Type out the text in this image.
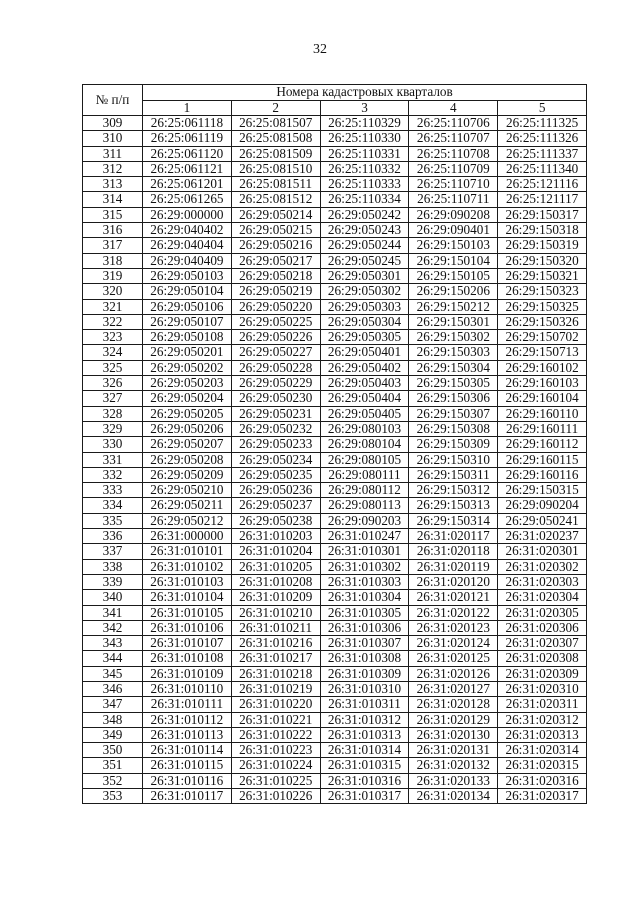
32
№ п/п	Номера кадастровых кварталов				
	1	2	3	4	5
309	26:25:061118	26:25:081507	26:25:110329	26:25:110706	26:25:111325
310	26:25:061119	26:25:081508	26:25:110330	26:25:110707	26:25:111326
311	26:25:061120	26:25:081509	26:25:110331	26:25:110708	26:25:111337
312	26:25:061121	26:25:081510	26:25:110332	26:25:110709	26:25:111340
313	26:25:061201	26:25:081511	26:25:110333	26:25:110710	26:25:121116
314	26:25:061265	26:25:081512	26:25:110334	26:25:110711	26:25:121117
315	26:29:000000	26:29:050214	26:29:050242	26:29:090208	26:29:150317
316	26:29:040402	26:29:050215	26:29:050243	26:29:090401	26:29:150318
317	26:29:040404	26:29:050216	26:29:050244	26:29:150103	26:29:150319
318	26:29:040409	26:29:050217	26:29:050245	26:29:150104	26:29:150320
319	26:29:050103	26:29:050218	26:29:050301	26:29:150105	26:29:150321
320	26:29:050104	26:29:050219	26:29:050302	26:29:150206	26:29:150323
321	26:29:050106	26:29:050220	26:29:050303	26:29:150212	26:29:150325
322	26:29:050107	26:29:050225	26:29:050304	26:29:150301	26:29:150326
323	26:29:050108	26:29:050226	26:29:050305	26:29:150302	26:29:150702
324	26:29:050201	26:29:050227	26:29:050401	26:29:150303	26:29:150713
325	26:29:050202	26:29:050228	26:29:050402	26:29:150304	26:29:160102
326	26:29:050203	26:29:050229	26:29:050403	26:29:150305	26:29:160103
327	26:29:050204	26:29:050230	26:29:050404	26:29:150306	26:29:160104
328	26:29:050205	26:29:050231	26:29:050405	26:29:150307	26:29:160110
329	26:29:050206	26:29:050232	26:29:080103	26:29:150308	26:29:160111
330	26:29:050207	26:29:050233	26:29:080104	26:29:150309	26:29:160112
331	26:29:050208	26:29:050234	26:29:080105	26:29:150310	26:29:160115
332	26:29:050209	26:29:050235	26:29:080111	26:29:150311	26:29:160116
333	26:29:050210	26:29:050236	26:29:080112	26:29:150312	26:29:150315
334	26:29:050211	26:29:050237	26:29:080113	26:29:150313	26:29:090204
335	26:29:050212	26:29:050238	26:29:090203	26:29:150314	26:29:050241
336	26:31:000000	26:31:010203	26:31:010247	26:31:020117	26:31:020237
337	26:31:010101	26:31:010204	26:31:010301	26:31:020118	26:31:020301
338	26:31:010102	26:31:010205	26:31:010302	26:31:020119	26:31:020302
339	26:31:010103	26:31:010208	26:31:010303	26:31:020120	26:31:020303
340	26:31:010104	26:31:010209	26:31:010304	26:31:020121	26:31:020304
341	26:31:010105	26:31:010210	26:31:010305	26:31:020122	26:31:020305
342	26:31:010106	26:31:010211	26:31:010306	26:31:020123	26:31:020306
343	26:31:010107	26:31:010216	26:31:010307	26:31:020124	26:31:020307
344	26:31:010108	26:31:010217	26:31:010308	26:31:020125	26:31:020308
345	26:31:010109	26:31:010218	26:31:010309	26:31:020126	26:31:020309
346	26:31:010110	26:31:010219	26:31:010310	26:31:020127	26:31:020310
347	26:31:010111	26:31:010220	26:31:010311	26:31:020128	26:31:020311
348	26:31:010112	26:31:010221	26:31:010312	26:31:020129	26:31:020312
349	26:31:010113	26:31:010222	26:31:010313	26:31:020130	26:31:020313
350	26:31:010114	26:31:010223	26:31:010314	26:31:020131	26:31:020314
351	26:31:010115	26:31:010224	26:31:010315	26:31:020132	26:31:020315
352	26:31:010116	26:31:010225	26:31:010316	26:31:020133	26:31:020316
353	26:31:010117	26:31:010226	26:31:010317	26:31:020134	26:31:020317
